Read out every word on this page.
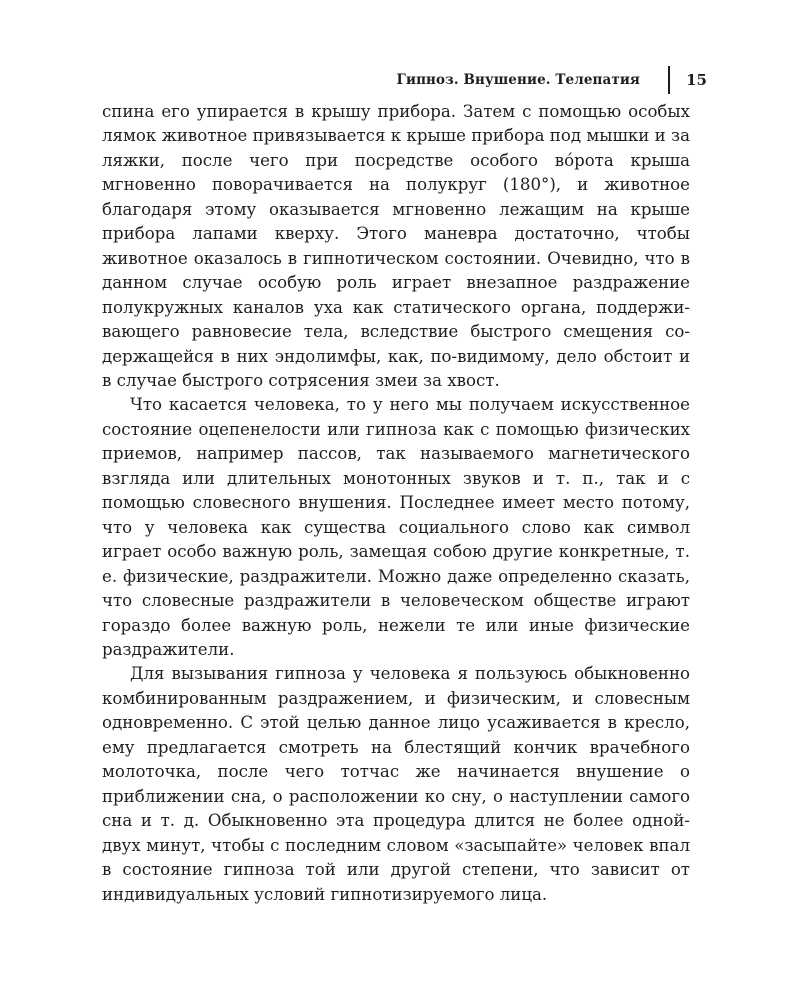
Гипноз. Внушение. Телепатия	15

спина его упирается в крышу прибора. Затем с помощью особых лямок животное привязывается к крыше прибора под мышки и за ляжки, после чего при посредстве особого во́рота крыша мгновенно поворачивается на полукруг (180°), и животное благодаря этому оказывается мгновенно лежащим на крыше прибора лапами кверху. Этого маневра достаточно, чтобы животное оказалось в гипнотическом состоянии. Очевидно, что в данном случае особую роль играет внезапное раздражение полукружных каналов уха как статического органа, поддерживающего равновесие тела, вследствие быстрого смещения содержащейся в них эндолимфы, как, по-видимому, дело обстоит и в случае быстрого сотрясения змеи за хвост.

Что касается человека, то у него мы получаем искусственное состояние оцепенелости или гипноза как с помощью физических приемов, например пассов, так называемого магнетического взгляда или длительных монотонных звуков и т. п., так и с помощью словесного внушения. Последнее имеет место потому, что у человека как существа социального слово как символ играет особо важную роль, замещая собою другие конкретные, т. е. физические, раздражители. Можно даже определенно сказать, что словесные раздражители в человеческом обществе играют гораздо более важную роль, нежели те или иные физические раздражители.

Для вызывания гипноза у человека я пользуюсь обыкновенно комбинированным раздражением, и физическим, и словесным одновременно. С этой целью данное лицо усаживается в кресло, ему предлагается смотреть на блестящий кончик врачебного молоточка, после чего тотчас же начинается внушение о приближении сна, о расположении ко сну, о наступлении самого сна и т. д. Обыкновенно эта процедура длится не более одной-двух минут, чтобы с последним словом «засыпайте» человек впал в состояние гипноза той или другой степени, что зависит от индивидуальных условий гипнотизируемого лица.
